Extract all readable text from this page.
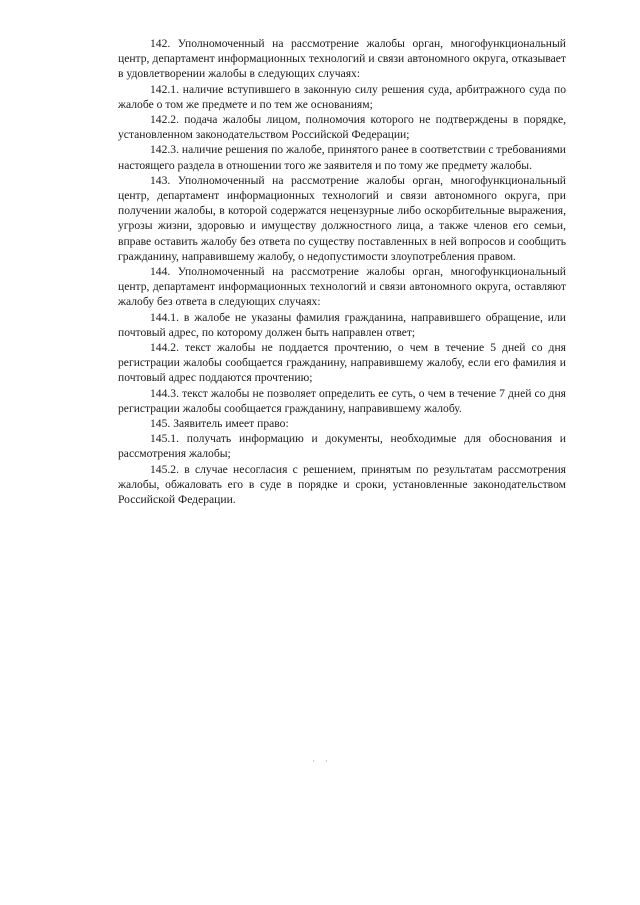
142. Уполномоченный на рассмотрение жалобы орган, многофункциональный центр, департамент информационных технологий и связи автономного округа, отказывает в удовлетворении жалобы в следующих случаях:

142.1. наличие вступившего в законную силу решения суда, арбитражного суда по жалобе о том же предмете и по тем же основаниям;

142.2. подача жалобы лицом, полномочия которого не подтверждены в порядке, установленном законодательством Российской Федерации;

142.3. наличие решения по жалобе, принятого ранее в соответствии с требованиями настоящего раздела в отношении того же заявителя и по тому же предмету жалобы.

143. Уполномоченный на рассмотрение жалобы орган, многофункциональный центр, департамент информационных технологий и связи автономного округа, при получении жалобы, в которой содержатся нецензурные либо оскорбительные выражения, угрозы жизни, здоровью и имуществу должностного лица, а также членов его семьи, вправе оставить жалобу без ответа по существу поставленных в ней вопросов и сообщить гражданину, направившему жалобу, о недопустимости злоупотребления правом.

144. Уполномоченный на рассмотрение жалобы орган, многофункциональный центр, департамент информационных технологий и связи автономного округа, оставляют жалобу без ответа в следующих случаях:

144.1. в жалобе не указаны фамилия гражданина, направившего обращение, или почтовый адрес, по которому должен быть направлен ответ;

144.2. текст жалобы не поддается прочтению, о чем в течение 5 дней со дня регистрации жалобы сообщается гражданину, направившему жалобу, если его фамилия и почтовый адрес поддаются прочтению;

144.3. текст жалобы не позволяет определить ее суть, о чем в течение 7 дней со дня регистрации жалобы сообщается гражданину, направившему жалобу.

145. Заявитель имеет право:

145.1. получать информацию и документы, необходимые для обоснования и рассмотрения жалобы;

145.2. в случае несогласия с решением, принятым по результатам рассмотрения жалобы, обжаловать его в суде в порядке и сроки, установленные законодательством Российской Федерации.

· ·
